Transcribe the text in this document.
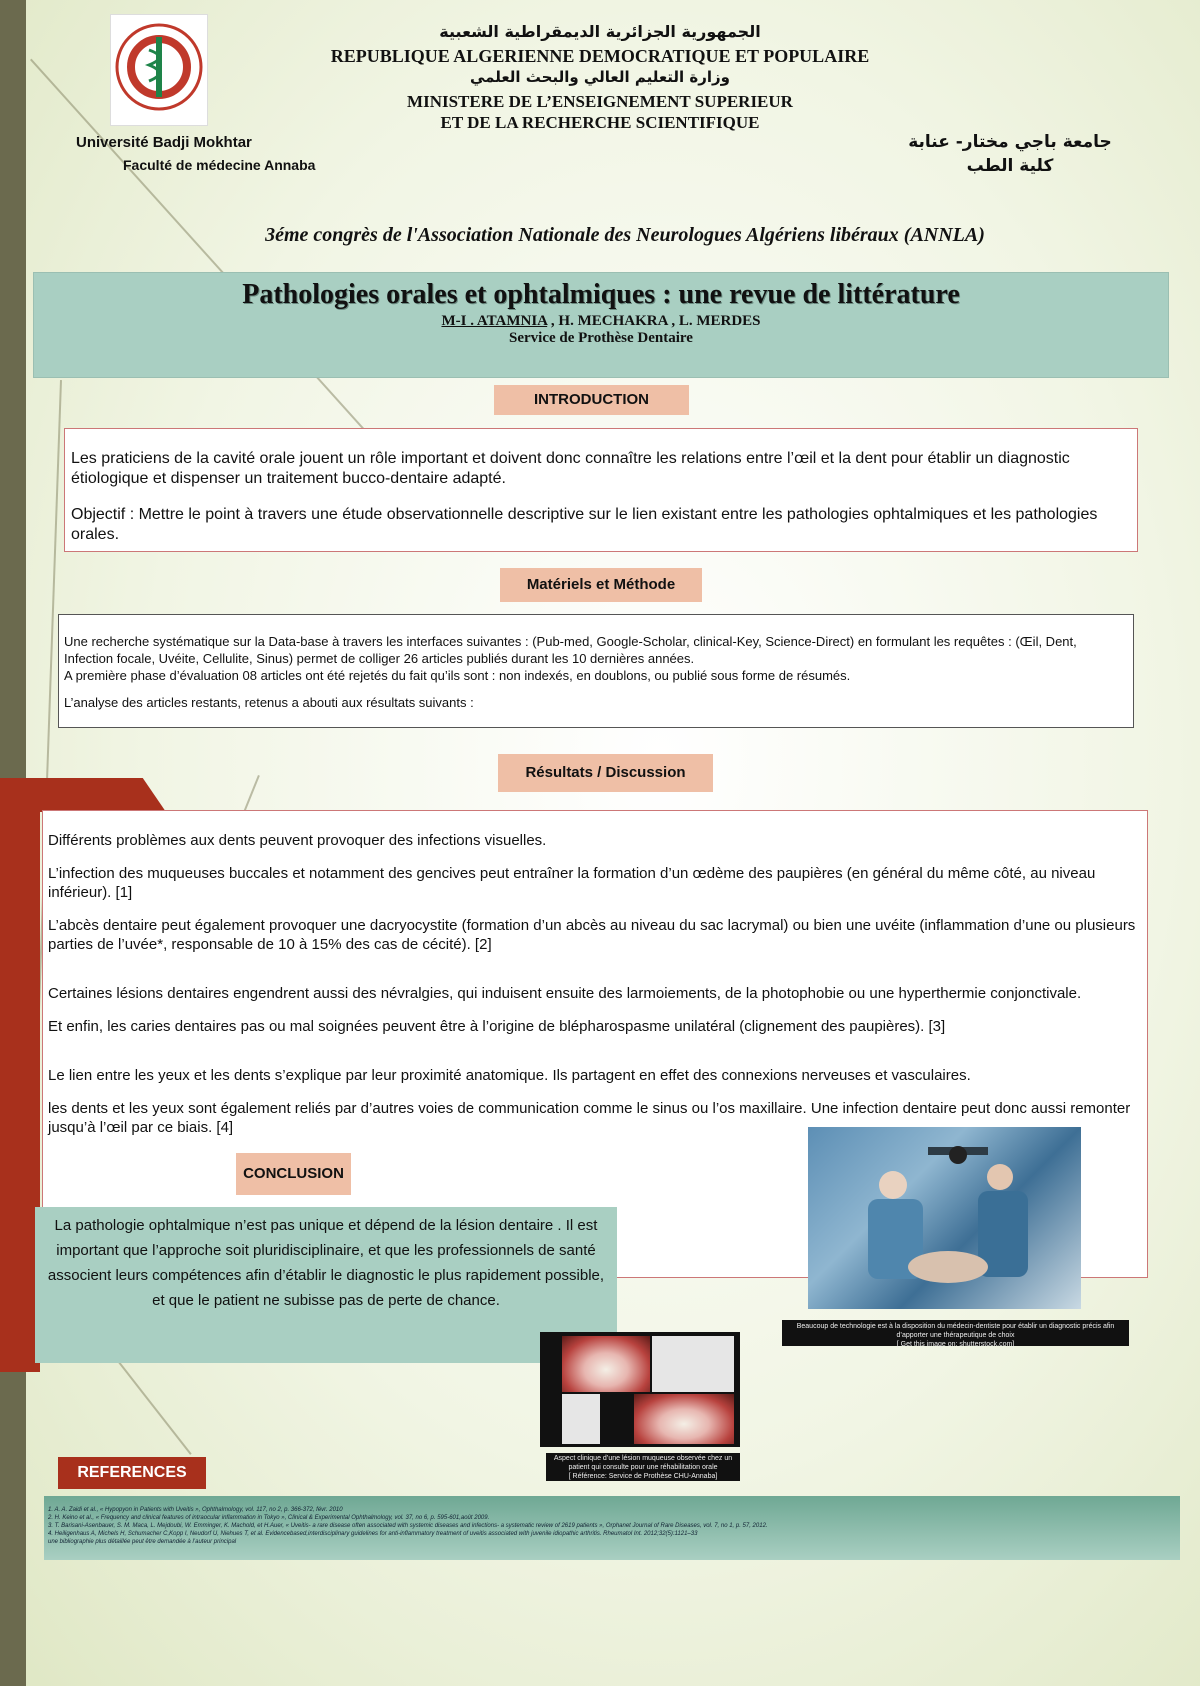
الجمهورية الجزائرية الديمقراطية الشعبية
REPUBLIQUE ALGERIENNE DEMOCRATIQUE ET POPULAIRE
وزارة التعليم العالي والبحث العلمي
MINISTERE DE L’ENSEIGNEMENT SUPERIEUR
ET DE LA RECHERCHE SCIENTIFIQUE
Université Badji Mokhtar
Faculté de médecine Annaba
جامعة باجي مختار- عنابة
كلية الطب
3éme congrès de l'Association Nationale des Neurologues Algériens libéraux (ANNLA)
Pathologies orales et ophtalmiques : une revue de littérature
M-I . ATAMNIA , H. MECHAKRA , L. MERDES
Service de Prothèse Dentaire
INTRODUCTION

Les praticiens de la cavité orale jouent un rôle important et doivent donc connaître les relations entre l’œil et la dent pour établir un diagnostic étiologique et dispenser un traitement bucco-dentaire adapté.

Objectif : Mettre le point à travers une étude observationnelle descriptive sur le lien existant entre les pathologies ophtalmiques et les pathologies orales.

Matériels et Méthode

Une recherche systématique sur la Data-base à travers les interfaces suivantes : (Pub-med, Google-Scholar, clinical-Key, Science-Direct) en formulant les requêtes : (Œil, Dent, Infection focale, Uvéite, Cellulite, Sinus) permet de colliger 26 articles publiés durant les 10 dernières années.

A première phase d’évaluation 08 articles ont été rejetés du fait qu’ils sont : non indexés, en doublons, ou publié sous forme de résumés.

L’analyse des articles restants, retenus a abouti aux résultats suivants :

Résultats / Discussion

Différents problèmes aux dents peuvent provoquer des infections visuelles.

L’infection des muqueuses buccales et notamment des gencives peut entraîner la formation d’un œdème des paupières (en général du même côté, au niveau inférieur). [1]

L’abcès dentaire peut également provoquer une dacryocystite (formation d’un abcès au niveau du sac lacrymal) ou bien une uvéite (inflammation d’une ou plusieurs parties de l’uvée*, responsable de 10 à 15% des cas de cécité). [2]

Certaines lésions dentaires engendrent aussi des névralgies, qui induisent ensuite des larmoiements, de la photophobie ou une hyperthermie conjonctivale.

Et enfin, les caries dentaires pas ou mal soignées peuvent être à l’origine de blépharospasme unilatéral (clignement des paupières). [3]

Le lien entre les yeux et les dents s’explique par leur proximité anatomique. Ils partagent en effet des connexions nerveuses et vasculaires.

les dents et les yeux sont également reliés par d’autres voies de communication comme le sinus ou l’os maxillaire. Une infection dentaire peut donc aussi remonter jusqu’à l’œil par ce biais. [4]

Beaucoup de technologie est à la disposition du médecin-dentiste pour établir un diagnostic précis afin d’apporter une thérapeutique de choix
[ Get this image on: shutterstock.com]
CONCLUSION

La pathologie ophtalmique n’est pas unique et dépend de la lésion dentaire . Il est important que l’approche soit pluridisciplinaire, et que les professionnels de santé associent leurs compétences afin d’établir le diagnostic le plus rapidement possible, et que le patient ne subisse pas de perte de chance.

Aspect clinique d’une lésion muqueuse observée chez un patient qui consulte pour une réhabilitation orale
[ Référence: Service de Prothèse CHU-Annaba]
REFERENCES
1. A. A. Zaidi et al., « Hypopyon in Patients with Uveitis », Ophthalmology, vol. 117, no 2, p. 366-372, févr. 2010
2. H. Keino et al., « Frequency and clinical features of intraocular inflammation in Tokyo », Clinical & Experimental Ophthalmology, vol. 37, no 6, p. 595-601,août 2009.
3. T. Barisani-Asenbauer, S. M. Maca, L. Mejdoubi, W. Emminger, K. Machold, et H.Auer, « Uveitis- a rare disease often associated with systemic diseases and infections- a systematic review of 2619 patients », Orphanet Journal of Rare Diseases, vol. 7, no 1, p. 57, 2012.
4. Heiligenhaus A, Michels H, Schumacher C,Kopp I, Neudorf U, Niehues T, et al. Evidencebased,interdisciplinary guidelines for anti-inflammatory treatment of uveitis associated with juvenile idiopathic arthritis. Rheumatol Int. 2012;32(5):1121–33
une bibliographie plus détaillée peut être demandée à l’auteur principal
